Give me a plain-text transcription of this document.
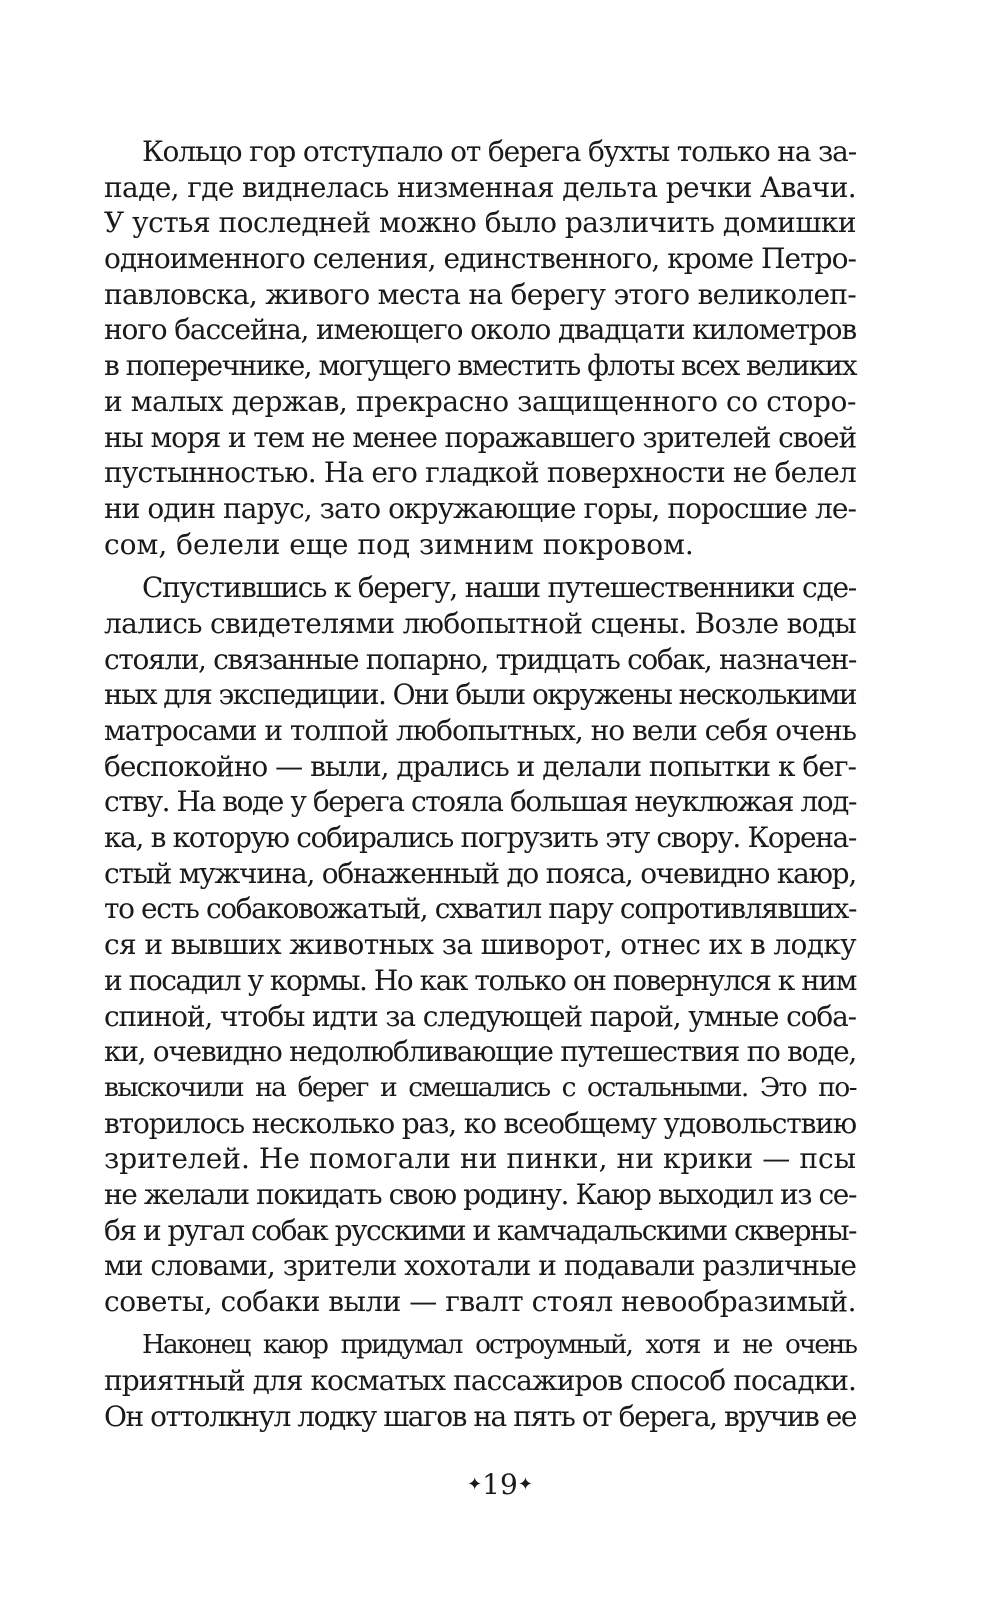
Кольцо гор отступало от берега бухты только на за-
паде, где виднелась низменная дельта речки Авачи.
У устья последней можно было различить домишки
одноименного селения, единственного, кроме Петро-
павловска, живого места на берегу этого великолеп-
ного бассейна, имеющего около двадцати километров
в поперечнике, могущего вместить флоты всех великих
и малых держав, прекрасно защищенного со сторо-
ны моря и тем не менее поражавшего зрителей своей
пустынностью. На его гладкой поверхности не белел
ни один парус, зато окружающие горы, поросшие ле-
сом, белели еще под зимним покровом.
Спустившись к берегу, наши путешественники сде-
лались свидетелями любопытной сцены. Возле воды
стояли, связанные попарно, тридцать собак, назначен-
ных для экспедиции. Они были окружены несколькими
матросами и толпой любопытных, но вели себя очень
беспокойно — выли, дрались и делали попытки к бег-
ству. На воде у берега стояла большая неуклюжая лод-
ка, в которую собирались погрузить эту свору. Корена-
стый мужчина, обнаженный до пояса, очевидно каюр,
то есть собаковожатый, схватил пару сопротивлявших-
ся и вывших животных за шиворот, отнес их в лодку
и посадил у кормы. Но как только он повернулся к ним
спиной, чтобы идти за следующей парой, умные соба-
ки, очевидно недолюбливающие путешествия по воде,
выскочили на берег и смешались с остальными. Это по-
вторилось несколько раз, ко всеобщему удовольствию
зрителей. Не помогали ни пинки, ни крики — псы
не желали покидать свою родину. Каюр выходил из се-
бя и ругал собак русскими и камчадальскими скверны-
ми словами, зрители хохотали и подавали различные
советы, собаки выли — гвалт стоял невообразимый.
Наконец каюр придумал остроумный, хотя и не очень
приятный для косматых пассажиров способ посадки.
Он оттолкнул лодку шагов на пять от берега, вручив ее
✦19✦
